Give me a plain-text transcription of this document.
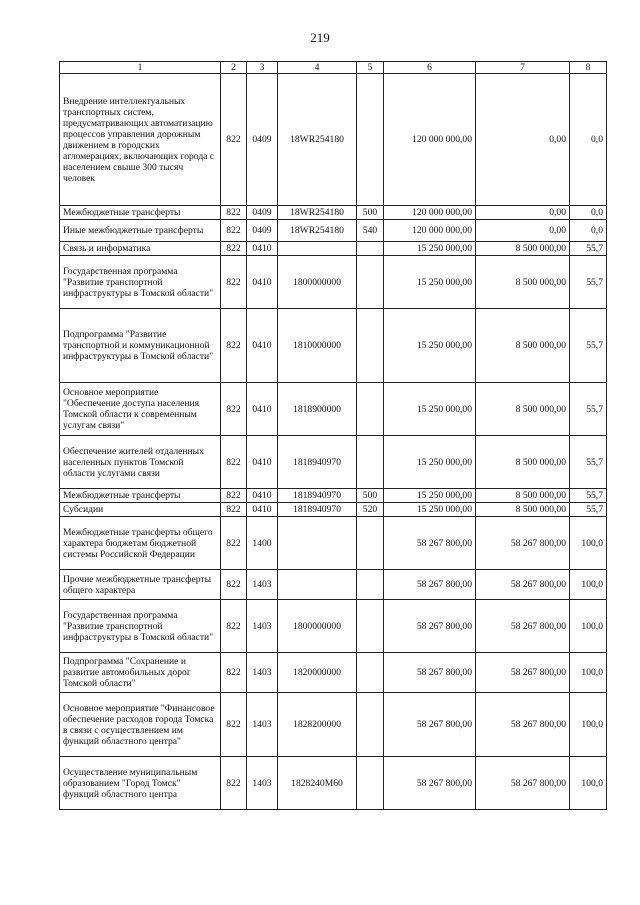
219
1	2	3	4	5	6	7	8
Внедрение интеллектуальных транспортных систем, предусматривающих автоматизацию процессов управления дорожным движением в городских агломерациях, включающих города с населением свыше 300 тысяч человек	822	0409	18WR254180		120 000 000,00	0,00	0,0
Межбюджетные трансферты	822	0409	18WR254180	500	120 000 000,00	0,00	0,0
Иные межбюджетные трансферты	822	0409	18WR254180	540	120 000 000,00	0,00	0,0
Связь и информатика	822	0410			15 250 000,00	8 500 000,00	55,7
Государственная программа "Развитие транспортной инфраструктуры в Томской области"	822	0410	1800000000		15 250 000,00	8 500 000,00	55,7
Подпрограмма "Развитие транспортной и коммуникационной инфраструктуры в Томской области"	822	0410	1810000000		15 250 000,00	8 500 000,00	55,7
Основное мероприятие "Обеспечение доступа населения Томской области к современным услугам связи"	822	0410	1818900000		15 250 000,00	8 500 000,00	55,7
Обеспечение жителей отдаленных населенных пунктов Томской области услугами связи	822	0410	1818940970		15 250 000,00	8 500 000,00	55,7
Межбюджетные трансферты	822	0410	1818940970	500	15 250 000,00	8 500 000,00	55,7
Субсидии	822	0410	1818940970	520	15 250 000,00	8 500 000,00	55,7
Межбюджетные трансферты общего характера бюджетам бюджетной системы Российской Федерации	822	1400			58 267 800,00	58 267 800,00	100,0
Прочие межбюджетные трансферты общего характера	822	1403			58 267 800,00	58 267 800,00	100,0
Государственная программа "Развитие транспортной инфраструктуры в Томской области"	822	1403	1800000000		58 267 800,00	58 267 800,00	100,0
Подпрограмма "Сохранение и развитие автомобильных дорог Томской области"	822	1403	1820000000		58 267 800,00	58 267 800,00	100,0
Основное мероприятие "Финансовое обеспечение расходов города Томска в связи с осуществлением им функций областного центра"	822	1403	1828200000		58 267 800,00	58 267 800,00	100,0
Осуществление муниципальным образованием "Город Томск" функций областного центра	822	1403	1828240М60		58 267 800,00	58 267 800,00	100,0
